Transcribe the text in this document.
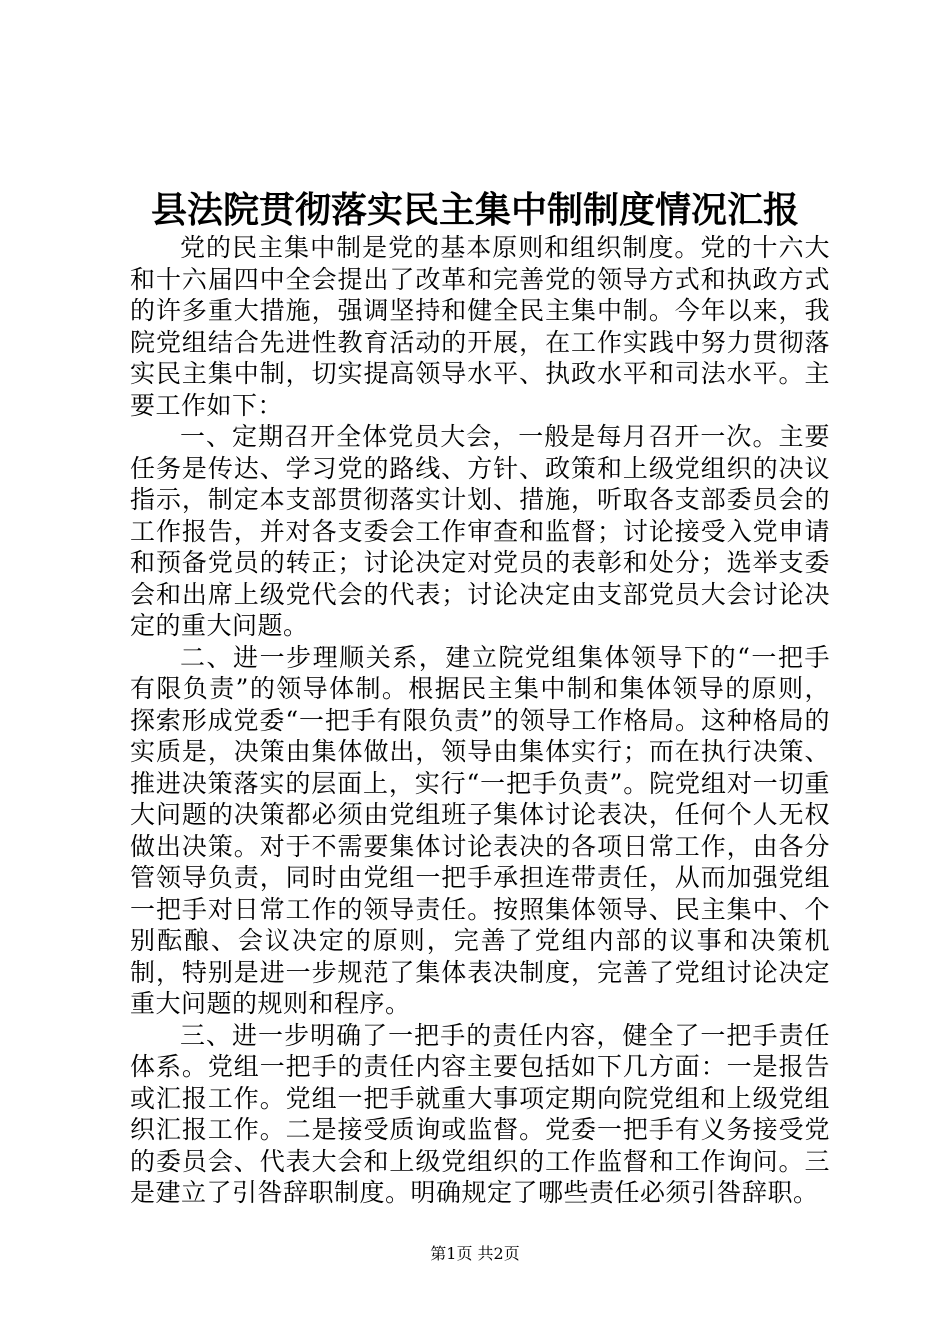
县法院贯彻落实民主集中制制度情况汇报

党的民主集中制是党的基本原则和组织制度。党的十六大和十六届四中全会提出了改革和完善党的领导方式和执政方式的许多重大措施，强调坚持和健全民主集中制。今年以来，我院党组结合先进性教育活动的开展，在工作实践中努力贯彻落实民主集中制，切实提高领导水平、执政水平和司法水平。主要工作如下：

一、定期召开全体党员大会，一般是每月召开一次。主要任务是传达、学习党的路线、方针、政策和上级党组织的决议指示，制定本支部贯彻落实计划、措施，听取各支部委员会的工作报告，并对各支委会工作审查和监督；讨论接受入党申请和预备党员的转正；讨论决定对党员的表彰和处分；选举支委会和出席上级党代会的代表；讨论决定由支部党员大会讨论决定的重大问题。

二、进一步理顺关系，建立院党组集体领导下的“一把手有限负责”的领导体制。根据民主集中制和集体领导的原则，探索形成党委“一把手有限负责”的领导工作格局。这种格局的实质是，决策由集体做出，领导由集体实行；而在执行决策、推进决策落实的层面上，实行“一把手负责”。院党组对一切重大问题的决策都必须由党组班子集体讨论表决，任何个人无权做出决策。对于不需要集体讨论表决的各项日常工作，由各分管领导负责，同时由党组一把手承担连带责任，从而加强党组一把手对日常工作的领导责任。按照集体领导、民主集中、个别酝酿、会议决定的原则，完善了党组内部的议事和决策机制，特别是进一步规范了集体表决制度，完善了党组讨论决定重大问题的规则和程序。

三、进一步明确了一把手的责任内容，健全了一把手责任体系。党组一把手的责任内容主要包括如下几方面：一是报告或汇报工作。党组一把手就重大事项定期向院党组和上级党组织汇报工作。二是接受质询或监督。党委一把手有义务接受党的委员会、代表大会和上级党组织的工作监督和工作询问。三是建立了引咎辞职制度。明确规定了哪些责任必须引咎辞职。

第1页 共2页
